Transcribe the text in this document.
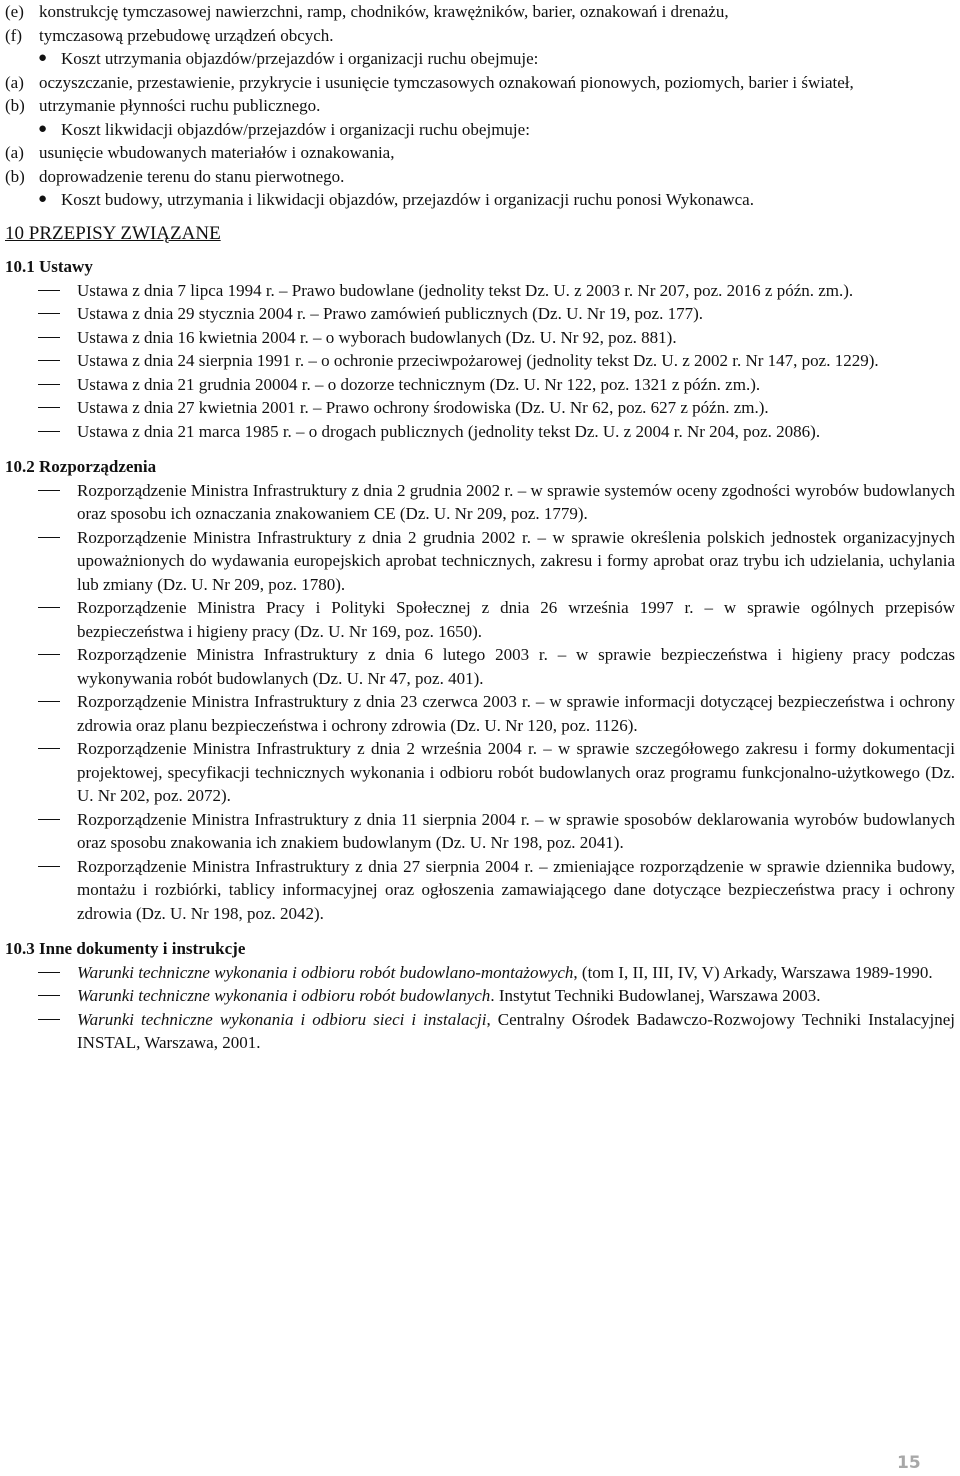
(e) konstrukcję tymczasowej nawierzchni, ramp, chodników, krawężników, barier, oznakowań i drenażu,
(f) tymczasową przebudowę urządzeń obcych.
● Koszt utrzymania objazdów/przejazdów i organizacji ruchu obejmuje:
(a) oczyszczanie, przestawienie, przykrycie i usunięcie tymczasowych oznakowań pionowych, poziomych, barier i świateł,
(b) utrzymanie płynności ruchu publicznego.
● Koszt likwidacji objazdów/przejazdów i organizacji ruchu obejmuje:
(a) usunięcie wbudowanych materiałów i oznakowania,
(b) doprowadzenie terenu do stanu pierwotnego.
● Koszt budowy, utrzymania i likwidacji objazdów, przejazdów i organizacji ruchu ponosi Wykonawca.
10 PRZEPISY ZWIĄZANE
10.1 Ustawy
Ustawa z dnia 7 lipca 1994 r. – Prawo budowlane (jednolity tekst Dz. U. z 2003 r. Nr 207, poz. 2016 z późn. zm.).
Ustawa z dnia 29 stycznia 2004 r. – Prawo zamówień publicznych (Dz. U. Nr 19, poz. 177).
Ustawa z dnia 16 kwietnia 2004 r. – o wyborach budowlanych (Dz. U. Nr 92, poz. 881).
Ustawa z dnia 24 sierpnia 1991 r. – o ochronie przeciwpożarowej (jednolity tekst Dz. U. z 2002 r. Nr 147, poz. 1229).
Ustawa z dnia 21 grudnia 20004 r. – o dozorze technicznym (Dz. U. Nr 122, poz. 1321 z późn. zm.).
Ustawa z dnia 27 kwietnia 2001 r. – Prawo ochrony środowiska (Dz. U. Nr 62, poz. 627 z późn. zm.).
Ustawa z dnia 21 marca 1985 r. – o drogach publicznych (jednolity tekst Dz. U. z 2004 r. Nr 204, poz. 2086).
10.2 Rozporządzenia
Rozporządzenie Ministra Infrastruktury z dnia 2 grudnia 2002 r. – w sprawie systemów oceny zgodności wyrobów budowlanych oraz sposobu ich oznaczania znakowaniem CE (Dz. U. Nr 209, poz. 1779).
Rozporządzenie Ministra Infrastruktury z dnia 2 grudnia 2002 r. – w sprawie określenia polskich jednostek organizacyjnych upoważnionych do wydawania europejskich aprobat technicznych, zakresu i formy aprobat oraz trybu ich udzielania, uchylania lub zmiany (Dz. U. Nr 209, poz. 1780).
Rozporządzenie Ministra Pracy i Polityki Społecznej z dnia 26 września 1997 r. – w sprawie ogólnych przepisów bezpieczeństwa i higieny pracy (Dz. U. Nr 169, poz. 1650).
Rozporządzenie Ministra Infrastruktury z dnia 6 lutego 2003 r. – w sprawie bezpieczeństwa i higieny pracy podczas wykonywania robót budowlanych (Dz. U. Nr 47, poz. 401).
Rozporządzenie Ministra Infrastruktury z dnia 23 czerwca 2003 r. – w sprawie informacji dotyczącej bezpieczeństwa i ochrony zdrowia oraz planu bezpieczeństwa i ochrony zdrowia (Dz. U. Nr 120, poz. 1126).
Rozporządzenie Ministra Infrastruktury z dnia 2 września 2004 r. – w sprawie szczegółowego zakresu i formy dokumentacji projektowej, specyfikacji technicznych wykonania i odbioru robót budowlanych oraz programu funkcjonalno-użytkowego (Dz. U. Nr 202, poz. 2072).
Rozporządzenie Ministra Infrastruktury z dnia 11 sierpnia 2004 r. – w sprawie sposobów deklarowania wyrobów budowlanych oraz sposobu znakowania ich znakiem budowlanym (Dz. U. Nr 198, poz. 2041).
Rozporządzenie Ministra Infrastruktury z dnia 27 sierpnia 2004 r. – zmieniające rozporządzenie w sprawie dziennika budowy, montażu i rozbiórki, tablicy informacyjnej oraz ogłoszenia zamawiającego dane dotyczące bezpieczeństwa pracy i ochrony zdrowia (Dz. U. Nr 198, poz. 2042).
10.3 Inne dokumenty i instrukcje
Warunki techniczne wykonania i odbioru robót budowlano-montażowych, (tom I, II, III, IV, V) Arkady, Warszawa 1989-1990.
Warunki techniczne wykonania i odbioru robót budowlanych. Instytut Techniki Budowlanej, Warszawa 2003.
Warunki techniczne wykonania i odbioru sieci i instalacji, Centralny Ośrodek Badawczo-Rozwojowy Techniki Instalacyjnej INSTAL, Warszawa, 2001.
15
